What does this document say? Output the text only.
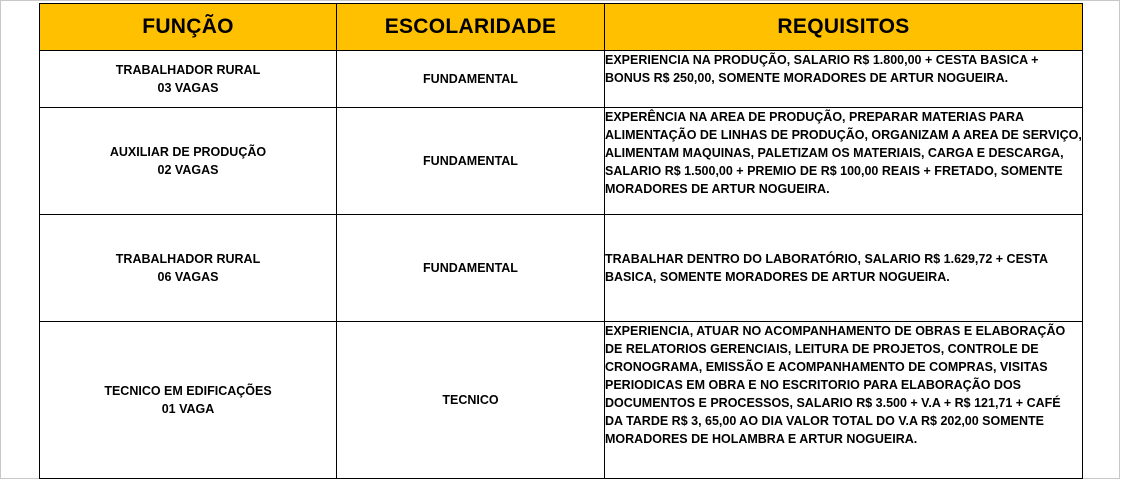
FUNÇÃO	ESCOLARIDADE	REQUISITOS

TRABALHADOR RURAL
03 VAGAS	FUNDAMENTAL	EXPERIENCIA NA PRODUÇÃO, SALARIO R$ 1.800,00 + CESTA BASICA + BONUS R$ 250,00, SOMENTE MORADORES DE ARTUR NOGUEIRA.

AUXILIAR DE PRODUÇÃO
02 VAGAS	FUNDAMENTAL	EXPERÊNCIA NA AREA DE PRODUÇÃO, PREPARAR MATERIAS PARA ALIMENTAÇÃO DE LINHAS DE PRODUÇÃO, ORGANIZAM A AREA DE SERVIÇO, ALIMENTAM MAQUINAS, PALETIZAM OS MATERIAIS, CARGA E DESCARGA, SALARIO R$ 1.500,00 + PREMIO DE R$ 100,00 REAIS + FRETADO, SOMENTE MORADORES DE ARTUR NOGUEIRA.

TRABALHADOR RURAL
06 VAGAS	FUNDAMENTAL	TRABALHAR DENTRO DO LABORATÓRIO, SALARIO R$ 1.629,72 + CESTA BASICA, SOMENTE MORADORES DE ARTUR NOGUEIRA.

TECNICO EM EDIFICAÇÕES
01 VAGA	TECNICO	EXPERIENCIA, ATUAR NO ACOMPANHAMENTO DE OBRAS E ELABORAÇÃO DE RELATORIOS GERENCIAIS, LEITURA DE PROJETOS, CONTROLE DE CRONOGRAMA, EMISSÃO E ACOMPANHAMENTO DE COMPRAS, VISITAS PERIODICAS EM OBRA E NO ESCRITORIO PARA ELABORAÇÃO DOS DOCUMENTOS E PROCESSOS, SALARIO R$ 3.500 + V.A + R$ 121,71 + CAFÉ DA TARDE R$ 3, 65,00 AO DIA VALOR TOTAL DO V.A R$ 202,00 SOMENTE MORADORES DE HOLAMBRA E ARTUR NOGUEIRA.
